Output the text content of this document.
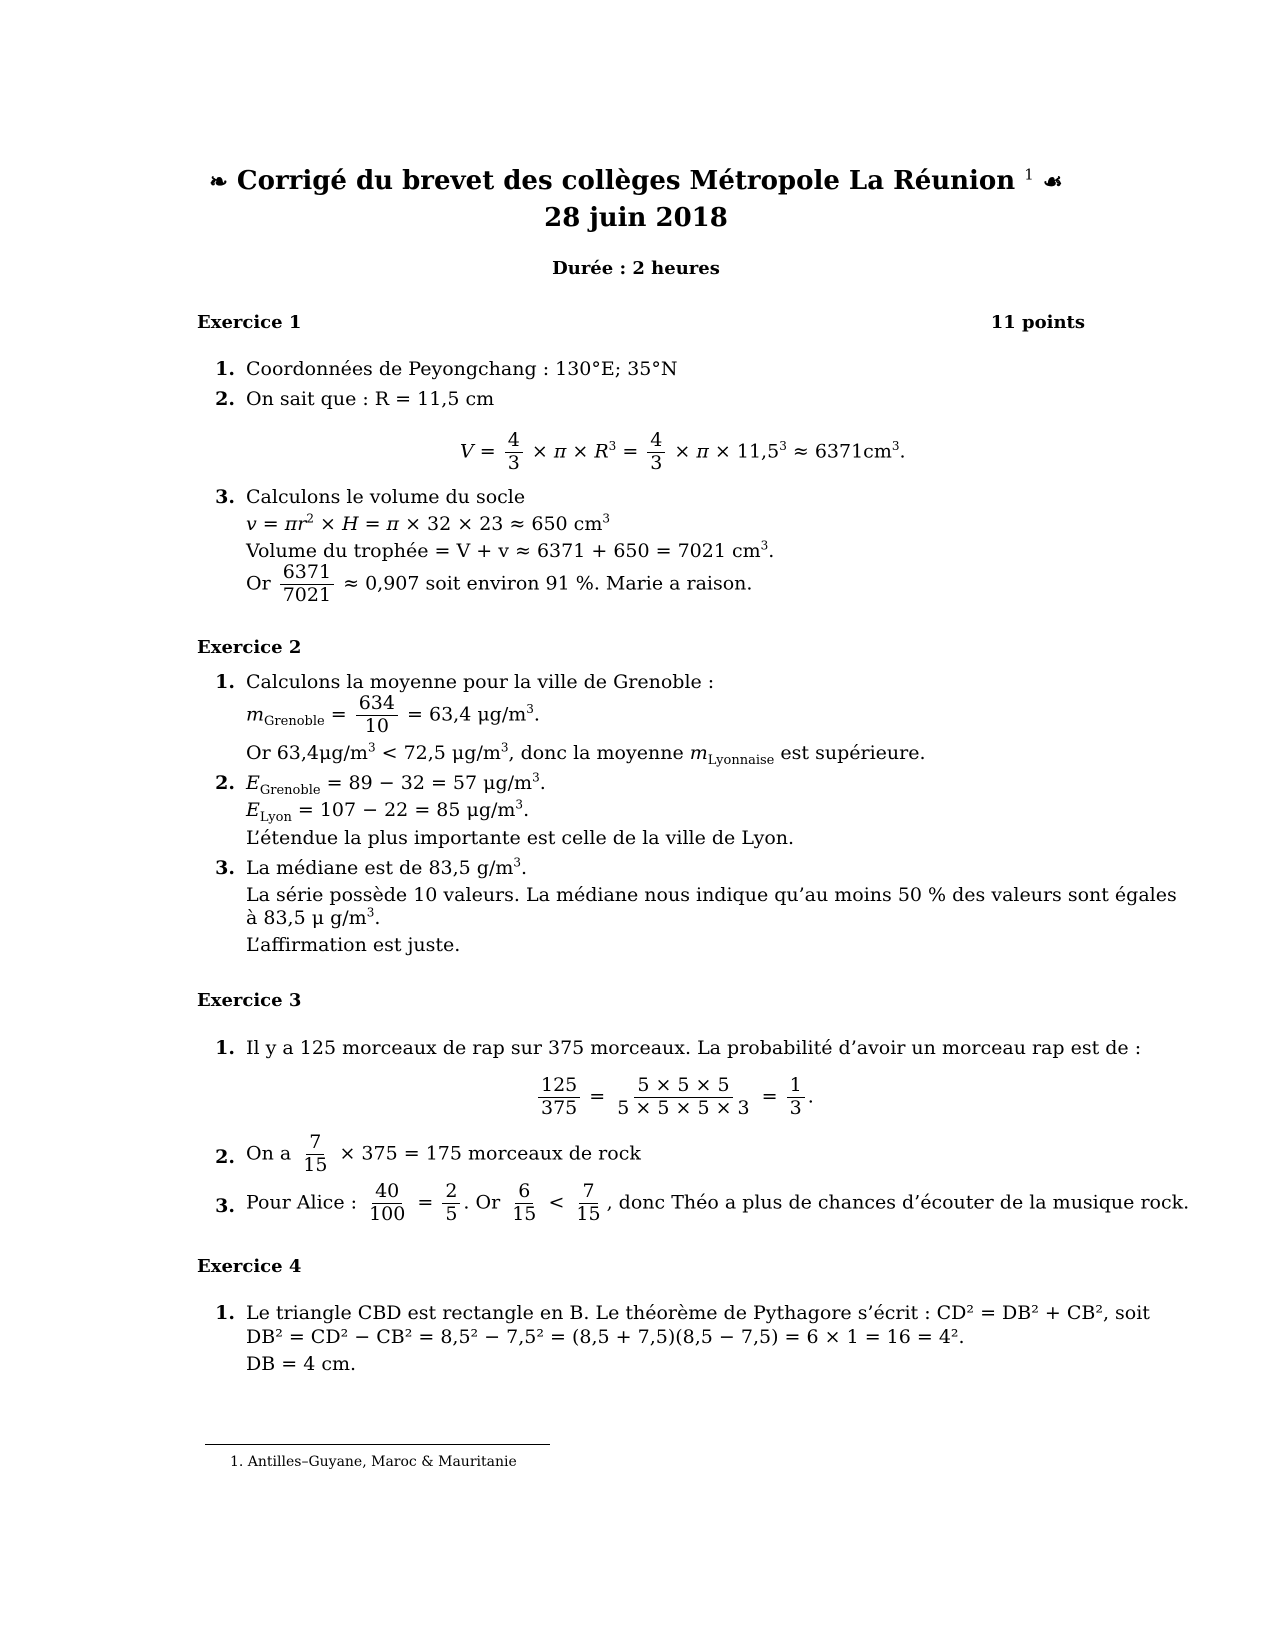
❧ Corrigé du brevet des collèges Métropole La Réunion $^1$ ☙
28 juin 2018
Durée : 2 heures
Exercice 1	11 points
1. Coordonnées de Peyongchang : 130°E; 35°N
2. On sait que : R = 11,5 cm
$V = \frac{4}{3} \times \pi \times R^3 = \frac{4}{3} \times \pi \times 11,5^3 \approx 6371cm^3$.
3. Calculons le volume du socle
$v = \pi r^2 \times H = \pi \times 32 \times 23 \approx 650$ $cm^3$
Volume du trophée = V + v ≈ 6371 + 650 = 7021 $cm^3$.
Or $\frac{6371}{7021} \approx 0,907$ soit environ 91 %. Marie a raison.
Exercice 2
1. Calculons la moyenne pour la ville de Grenoble :
$m_{Grenoble} = \frac{634}{10} = 63,4$ $\mu g/m^3$.
Or $63,4\mu g/m^3 < 72,5$ $\mu g/m^3$, donc la moyenne $m_{Lyonnaise}$ est supérieure.
2. $E_{Grenoble} = 89 - 32 = 57$ $\mu g/m^3$.
$E_{Lyon} = 107 - 22 = 85$ $\mu g/m^3$.
L’étendue la plus importante est celle de la ville de Lyon.
3. La médiane est de 83,5 $g/m^3$.
La série possède 10 valeurs. La médiane nous indique qu’au moins 50 % des valeurs sont égales
à 83,5 μ $g/m^3$.
L’affirmation est juste.
Exercice 3
1. Il y a 125 morceaux de rap sur 375 morceaux. La probabilité d’avoir un morceau rap est de :
$\frac{125}{375} = \frac{5 \times 5 \times 5}{5 \times 5 \times 5 \times 3} = \frac{1}{3}$ .
2. On a $\frac{7}{15} \times 375 = 175$ morceaux de rock
3. Pour Alice : $\frac{40}{100} = \frac{2}{5}$ . Or $\frac{6}{15} < \frac{7}{15}$ , donc Théo a plus de chances d’écouter de la musique rock.
Exercice 4
1. Le triangle CBD est rectangle en B. Le théorème de Pythagore s’écrit : CD² = DB² + CB², soit
DB² = CD² − CB² = 8,5² − 7,5² = (8,5 + 7,5)(8,5 − 7,5) = 6 × 1 = 16 = 4².
DB = 4 cm.
1. Antilles–Guyane, Maroc & Mauritanie
